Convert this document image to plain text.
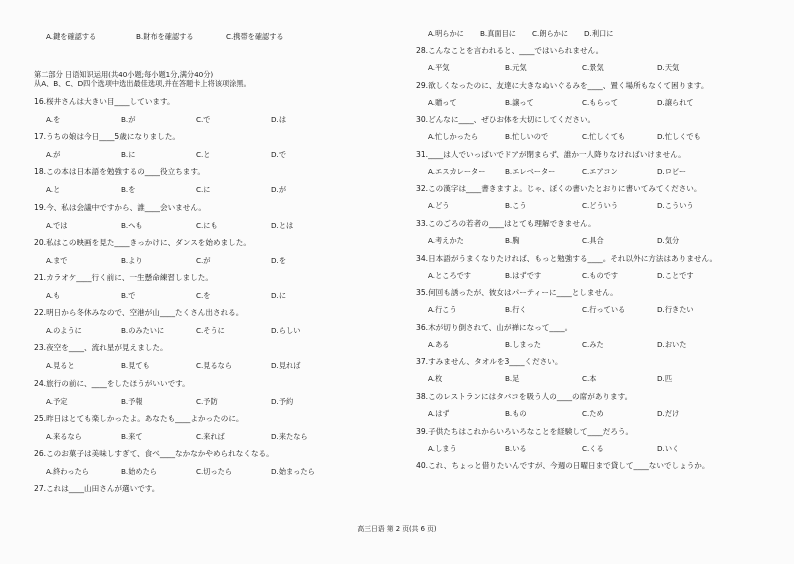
A.鍵を確認する	B.財布を確認する	C.携帯を確認する
第二部分 日语知识运用(共40小题;每小题1分,满分40分)
从A、B、C、D四个选项中选出最佳选项,并在答题卡上将该项涂黑。
16.桜井さんは大きい目____しています。
A.を	B.が	C.で	D.は
17.うちの娘は今日____5歳になりました。
A.が	B.に	C.と	D.で
18.この本は日本語を勉強するの____役立ちます。
A.と	B.を	C.に	D.が
19.今、私は会議中ですから、誰____会いません。
A.では	B.へも	C.にも	D.とは
20.私はこの映画を見た____きっかけに、ダンスを始めました。
A.まで	B.より	C.が	D.を
21.カラオケ____行く前に、一生懸命練習しました。
A.も	B.で	C.を	D.に
22.明日から冬休みなので、空港が山____たくさん出される。
A.のように	B.のみたいに	C.そうに	D.らしい
23.夜空を____、流れ星が見えました。
A.見ると	B.見ても	C.見るなら	D.見れば
24.旅行の前に、____をしたほうがいいです。
A.予定	B.予報	C.予防	D.予約
25.昨日はとても楽しかったよ。あなたも____よかったのに。
A.来るなら	B.来て	C.来れば	D.来たなら
26.このお菓子は美味しすぎて、食べ____なかなかやめられなくなる。
A.終わったら	B.始めたら	C.切ったら	D.始まったら
27.これは____山田さんが選いです。
A.明らかに	B.真面目に	C.朗らかに	D.利口に
28.こんなことを言われると、____ではいられません。
A.平気	B.元気	C.景気	D.天気
29.欲しくなったのに、友達に大きなぬいぐるみを____、置く場所もなくて困ります。
A.贈って	B.譲って	C.もらって	D.譲られて
30.どんなに____、ぜひお体を大切にしてください。
A.忙しかったら	B.忙しいので	C.忙しくても	D.忙しくでも
31.____は人でいっぱいでドアが閉まらず、誰か一人降りなければいけません。
A.エスカレーター	B.エレベーター	C.エアコン	D.ロビー
32.この漢字は____書きますよ。じゃ、ぼくの書いたとおりに書いてみてください。
A.どう	B.こう	C.どういう	D.こういう
33.このごろの若者の____はとても理解できません。
A.考えかた	B.胸	C.具合	D.気分
34.日本語がうまくなりたければ、もっと勉強する____。それ以外に方法はありません。
A.ところです	B.はずです	C.ものです	D.ことです
35.何回も誘ったが、彼女はパーティーに____としません。
A.行こう	B.行く	C.行っている	D.行きたい
36.木が切り倒されて、山が禅になって____。
A.ある	B.しまった	C.みた	D.おいた
37.すみません、タオルを3____ください。
A.枚	B.足	C.本	D.匹
38.このレストランにはタバコを吸う人の____の席があります。
A.はず	B.もの	C.ため	D.だけ
39.子供たちはこれからいろいろなことを経験して____だろう。
A.しまう	B.いる	C.くる	D.いく
40.これ、ちょっと借りたいんですが、今週の日曜日まで貸して____ないでしょうか。
高三日语 第 2 页(共 6 页)
